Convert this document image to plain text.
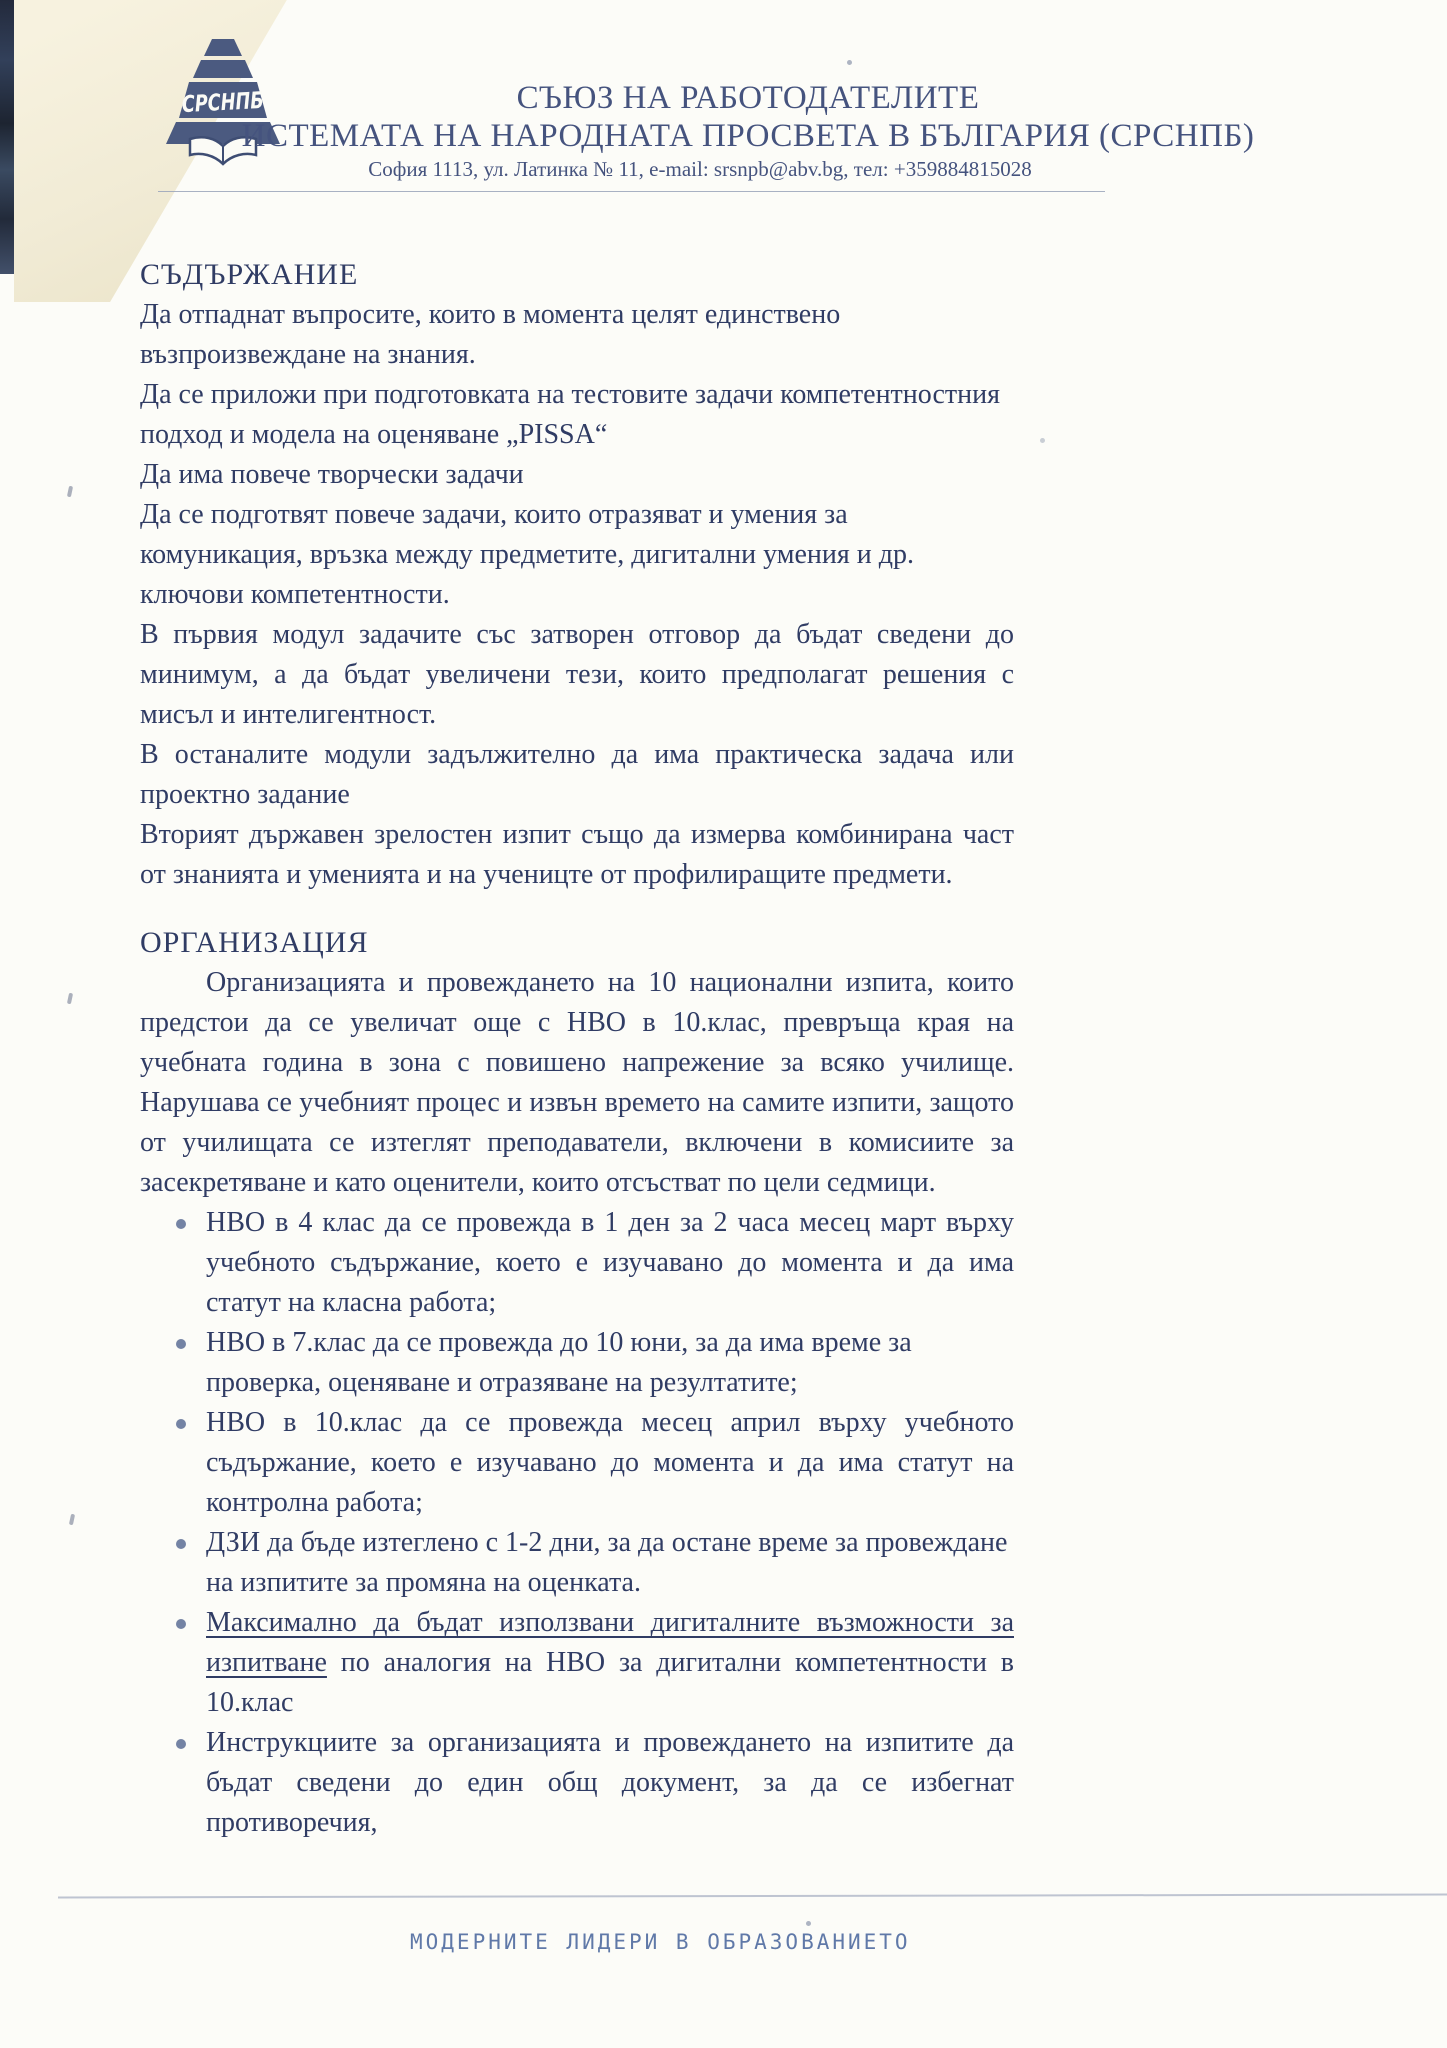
СРСНПБ	СЪЮЗ НА РАБОТОДАТЕЛИТЕ
ИСТЕМАТА НА НАРОДНАТА ПРОСВЕТА В БЪЛГАРИЯ (СРСНПБ)
София 1113, ул. Латинка № 11, e-mail: srsnpb@abv.bg, тел: +359884815028
СЪДЪРЖАНИЕ

Да отпаднат въпросите, които в момента целят единствено възпроизвеждане на знания.

Да се приложи при подготовката на тестовите задачи компетентностния подход и модела на оценяване „PISSA“

Да има повече творчески задачи

Да се подготвят повече задачи, които отразяват и умения за комуникация, връзка между предметите, дигитални умения и др. ключови компетентности.

В първия модул задачите със затворен отговор да бъдат сведени до минимум, а да бъдат увеличени тези, които предполагат решения с мисъл и интелигентност.

В останалите модули задължително да има практическа задача или проектно задание

Вторият държавен зрелостен изпит също да измерва комбинирана част от знанията и уменията и на ученицте от профилиращите предмети.

ОРГАНИЗАЦИЯ

Организацията и провеждането на 10 национални изпита, които предстои да се увеличат още с НВО в 10.клас, превръща края на учебната година в зона с повишено напрежение за всяко училище. Нарушава се учебният процес и извън времето на самите изпити, защото от училищата се изтеглят преподаватели, включени в комисиите за засекретяване и като оценители, които отсъстват по цели седмици.

НВО в 4 клас да се провежда в 1 ден за 2 часа месец март върху учебното съдържание, което е изучавано до момента и да има статут на класна работа;
НВО в 7.клас да се провежда до 10 юни, за да има време за проверка, оценяване и отразяване на резултатите;
НВО в 10.клас да се провежда месец април върху учебното съдържание, което е изучавано до момента и да има статут на контролна работа;
ДЗИ да бъде изтеглено с 1-2 дни, за да остане време за провеждане на изпитите за промяна на оценката.
Максимално да бъдат използвани дигиталните възможности за изпитване по аналогия на НВО за дигитални компетентности в 10.клас
Инструкциите за организацията и провеждането на изпитите да бъдат сведени до един общ документ, за да се избегнат противоречия,
МОДЕРНИТЕ ЛИДЕРИ В ОБРАЗОВАНИЕТО
